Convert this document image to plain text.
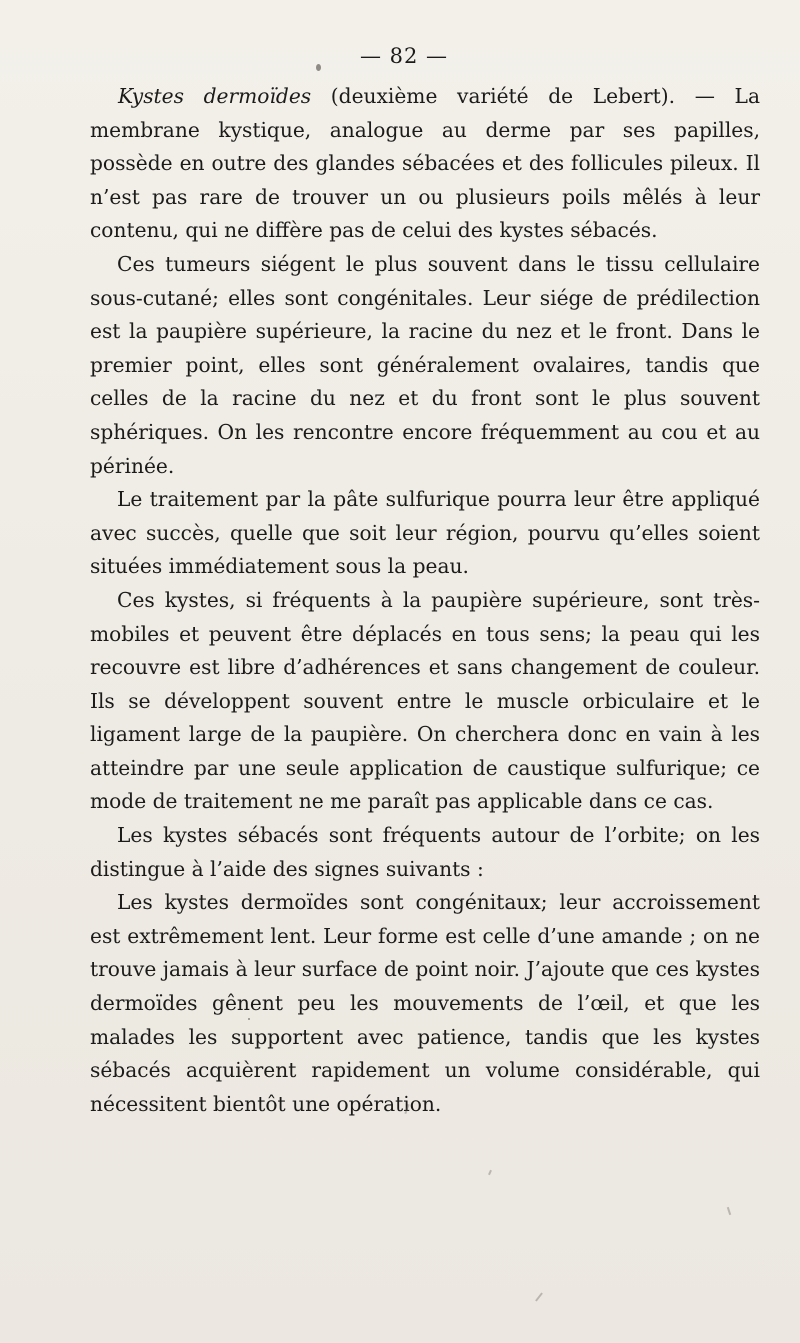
— 82 —

Kystes dermoïdes (deuxième variété de Lebert). — La membrane kystique, analogue au derme par ses papilles, possède en outre des glandes sébacées et des follicules pileux. Il n’est pas rare de trouver un ou plusieurs poils mêlés à leur contenu, qui ne diffère pas de celui des kystes sébacés.

Ces tumeurs siégent le plus souvent dans le tissu cellulaire sous-cutané; elles sont congénitales. Leur siége de prédilection est la paupière supérieure, la racine du nez et le front. Dans le premier point, elles sont généralement ovalaires, tandis que celles de la racine du nez et du front sont le plus souvent sphériques. On les rencontre encore fréquemment au cou et au périnée.

Le traitement par la pâte sulfurique pourra leur être appliqué avec succès, quelle que soit leur région, pourvu qu’elles soient situées immédiatement sous la peau.

Ces kystes, si fréquents à la paupière supérieure, sont très-mobiles et peuvent être déplacés en tous sens; la peau qui les recouvre est libre d’adhérences et sans changement de couleur. Ils se développent souvent entre le muscle orbiculaire et le ligament large de la paupière. On cherchera donc en vain à les atteindre par une seule application de caustique sulfurique; ce mode de traitement ne me paraît pas applicable dans ce cas.

Les kystes sébacés sont fréquents autour de l’orbite; on les distingue à l’aide des signes suivants :

Les kystes dermoïdes sont congénitaux; leur accroissement est extrêmement lent. Leur forme est celle d’une amande ; on ne trouve jamais à leur surface de point noir. J’ajoute que ces kystes dermoïdes gênent peu les mouvements de l’œil, et que les malades les supportent avec patience, tandis que les kystes sébacés acquièrent rapidement un volume considérable, qui nécessitent bientôt une opération.
